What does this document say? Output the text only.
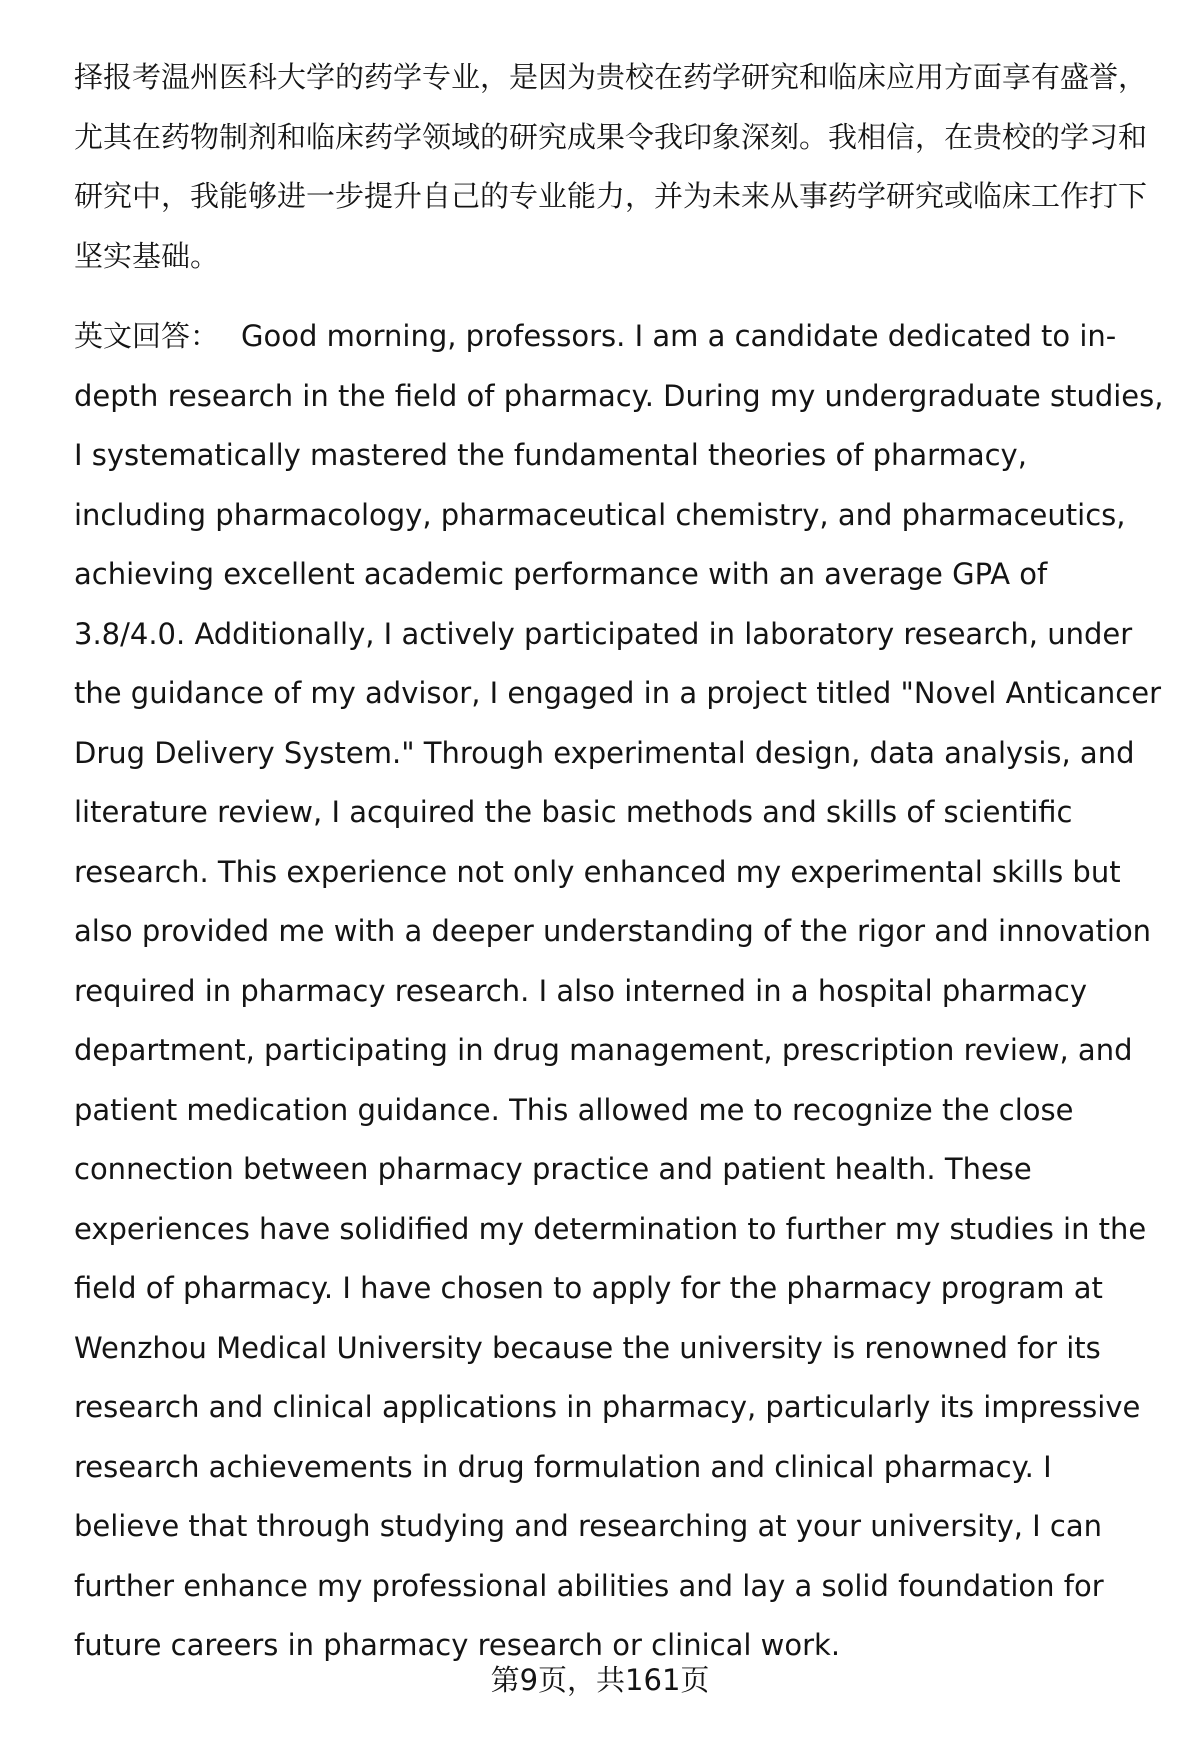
择报考温州医科大学的药学专业，是因为贵校在药学研究和临床应用方面享有盛誉，尤其在药物制剂和临床药学领域的研究成果令我印象深刻。我相信，在贵校的学习和研究中，我能够进一步提升自己的专业能力，并为未来从事药学研究或临床工作打下坚实基础。

英文回答： Good morning, professors. I am a candidate dedicated to in-depth research in the field of pharmacy. During my undergraduate studies, I systematically mastered the fundamental theories of pharmacy, including pharmacology, pharmaceutical chemistry, and pharmaceutics, achieving excellent academic performance with an average GPA of 3.8/4.0. Additionally, I actively participated in laboratory research, under the guidance of my advisor, I engaged in a project titled "Novel Anticancer Drug Delivery System." Through experimental design, data analysis, and literature review, I acquired the basic methods and skills of scientific research. This experience not only enhanced my experimental skills but also provided me with a deeper understanding of the rigor and innovation required in pharmacy research. I also interned in a hospital pharmacy department, participating in drug management, prescription review, and patient medication guidance. This allowed me to recognize the close connection between pharmacy practice and patient health. These experiences have solidified my determination to further my studies in the field of pharmacy. I have chosen to apply for the pharmacy program at Wenzhou Medical University because the university is renowned for its research and clinical applications in pharmacy, particularly its impressive research achievements in drug formulation and clinical pharmacy. I believe that through studying and researching at your university, I can further enhance my professional abilities and lay a solid foundation for future careers in pharmacy research or clinical work.

第9页，共161页
